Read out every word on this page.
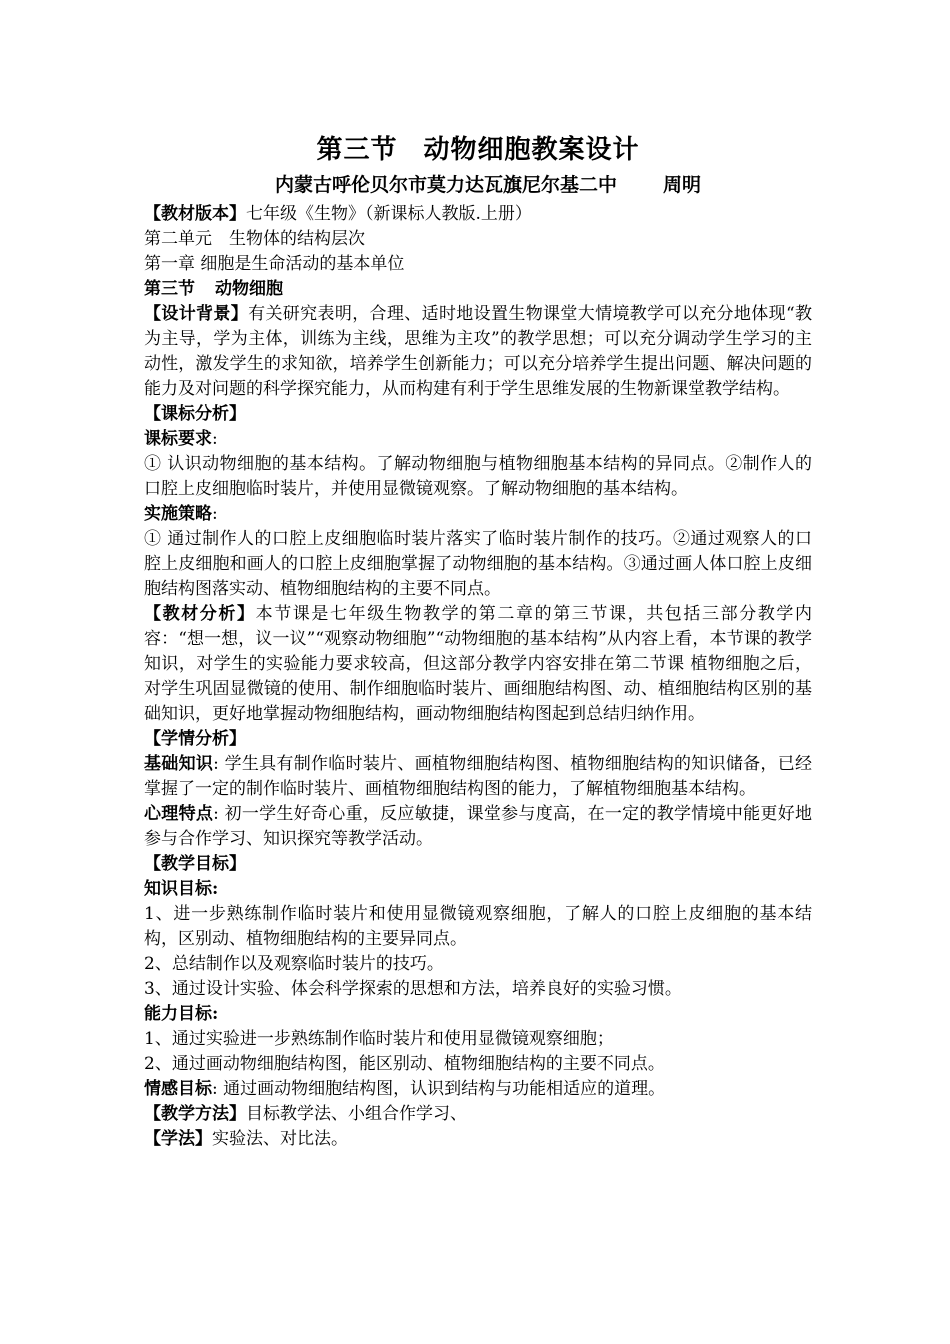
第三节 动物细胞教案设计
内蒙古呼伦贝尔市莫力达瓦旗尼尔基二中 周明

【教材版本】七年级《生物》（新课标人教版.上册）

第二单元　生物体的结构层次

第一章 细胞是生命活动的基本单位

第三节 动物细胞

【设计背景】有关研究表明，合理、适时地设置生物课堂大情境教学可以充分地体现“教为主导，学为主体，训练为主线，思维为主攻”的教学思想；可以充分调动学生学习的主动性，激发学生的求知欲，培养学生创新能力；可以充分培养学生提出问题、解决问题的能力及对问题的科学探究能力，从而构建有利于学生思维发展的生物新课堂教学结构。

【课标分析】

课标要求:

① 认识动物细胞的基本结构。了解动物细胞与植物细胞基本结构的异同点。②制作人的口腔上皮细胞临时装片，并使用显微镜观察。了解动物细胞的基本结构。

实施策略:

① 通过制作人的口腔上皮细胞临时装片落实了临时装片制作的技巧。②通过观察人的口腔上皮细胞和画人的口腔上皮细胞掌握了动物细胞的基本结构。③通过画人体口腔上皮细胞结构图落实动、植物细胞结构的主要不同点。

【教材分析】本节课是七年级生物教学的第二章的第三节课，共包括三部分教学内容：“想一想，议一议”“观察动物细胞”“动物细胞的基本结构”从内容上看，本节课的教学知识，对学生的实验能力要求较高，但这部分教学内容安排在第二节课 植物细胞之后，对学生巩固显微镜的使用、制作细胞临时装片、画细胞结构图、动、植细胞结构区别的基础知识，更好地掌握动物细胞结构，画动物细胞结构图起到总结归纳作用。

【学情分析】

基础知识: 学生具有制作临时装片、画植物细胞结构图、植物细胞结构的知识储备，已经掌握了一定的制作临时装片、画植物细胞结构图的能力，了解植物细胞基本结构。

心理特点: 初一学生好奇心重，反应敏捷，课堂参与度高，在一定的教学情境中能更好地参与合作学习、知识探究等教学活动。

【教学目标】

知识目标:

1、进一步熟练制作临时装片和使用显微镜观察细胞，了解人的口腔上皮细胞的基本结构，区别动、植物细胞结构的主要异同点。

2、总结制作以及观察临时装片的技巧。

3、通过设计实验、体会科学探索的思想和方法，培养良好的实验习惯。

能力目标:

1、通过实验进一步熟练制作临时装片和使用显微镜观察细胞；

2、通过画动物细胞结构图，能区别动、植物细胞结构的主要不同点。

情感目标: 通过画动物细胞结构图，认识到结构与功能相适应的道理。

【教学方法】目标教学法、小组合作学习、

【学法】实验法、对比法。
